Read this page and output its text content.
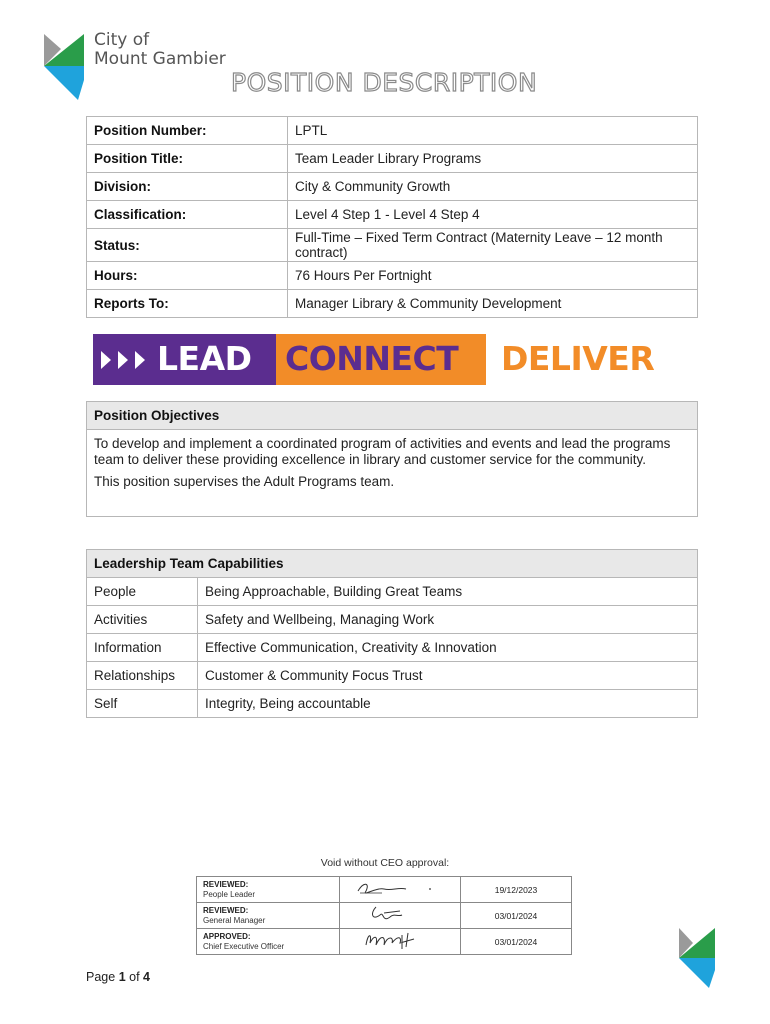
City of
Mount Gambier
POSITION DESCRIPTION
Position Number:	LPTL
Position Title:	Team Leader Library Programs
Division:	City & Community Growth
Classification:	Level 4 Step 1 - Level 4 Step 4
Status:	Full-Time – Fixed Term Contract (Maternity Leave – 12 month contract)
Hours:	76 Hours Per Fortnight
Reports To:	Manager Library & Community Development
LEAD CONNECT DELIVER
Position Objectives

To develop and implement a coordinated program of activities and events and lead the programs team to deliver these providing excellence in library and customer service for the community.

This position supervises the Adult Programs team.

Leadership Team Capabilities	
People	Being Approachable, Building Great Teams
Activities	Safety and Wellbeing, Managing Work
Information	Effective Communication, Creativity & Innovation
Relationships	Customer & Community Focus Trust
Self	Integrity, Being accountable
Void without CEO approval:
REVIEWED:
People Leader		19/12/2023

REVIEWED:
General Manager		03/01/2024

APPROVED:
Chief Executive Officer		03/01/2024
Page 1 of 4
